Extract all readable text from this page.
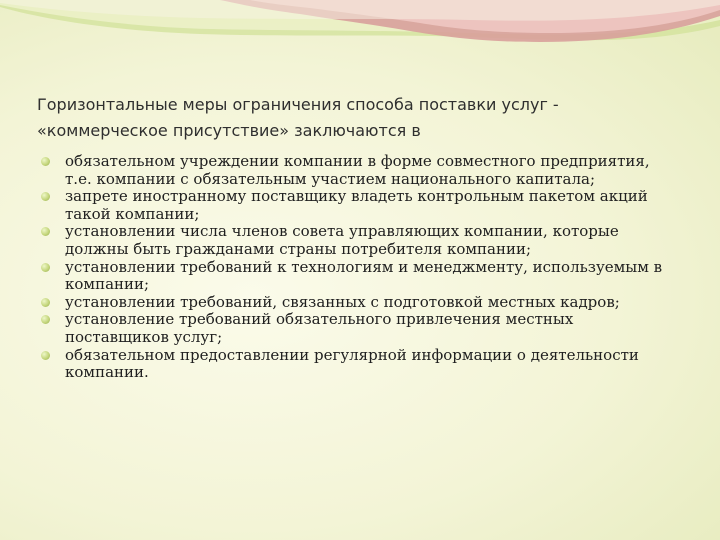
Горизонтальные меры ограничения способа поставки услуг - «коммерческое присутствие» заключаются в
обязательном учреждении компании в форме совместного предприятия, т.е. компании с обязательным участием национального капитала;
запрете иностранному поставщику владеть контрольным пакетом акций такой компании;
установлении числа членов совета управляющих компании, которые должны быть гражданами страны потребителя компании;
установлении требований к технологиям и менеджменту, используемым в компании;
установлении требований, связанных с подготовкой местных кадров;
установление требований обязательного привлечения местных поставщиков услуг;
обязательном предоставлении регулярной информации о деятельности компании.
